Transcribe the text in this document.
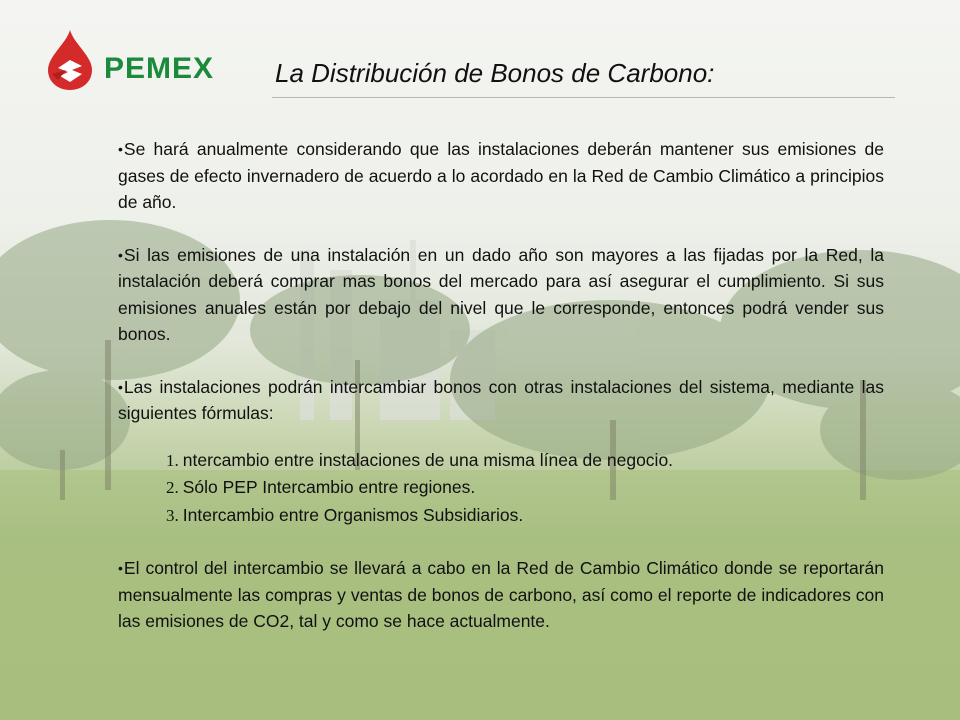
PEMEX La Distribución de Bonos de Carbono:

•Se hará anualmente considerando que las instalaciones deberán mantener sus emisiones de gases de efecto invernadero de acuerdo a lo acordado en la Red de Cambio Climático a principios de año.

•Si las emisiones de una instalación en un dado año son mayores a las fijadas por la Red, la instalación deberá comprar mas bonos del mercado para así asegurar el cumplimiento. Si sus emisiones anuales están por debajo del nivel que le corresponde, entonces podrá vender sus bonos.

•Las instalaciones podrán intercambiar bonos con otras instalaciones del sistema, mediante las siguientes fórmulas:

1. ntercambio entre instalaciones de una misma línea de negocio.

2. Sólo PEP Intercambio entre regiones.

3. Intercambio entre Organismos Subsidiarios.

•El control del intercambio se llevará a cabo en la Red de Cambio Climático donde se reportarán mensualmente las compras y ventas de bonos de carbono, así como el reporte de indicadores con las emisiones de CO2, tal y como se hace actualmente.
